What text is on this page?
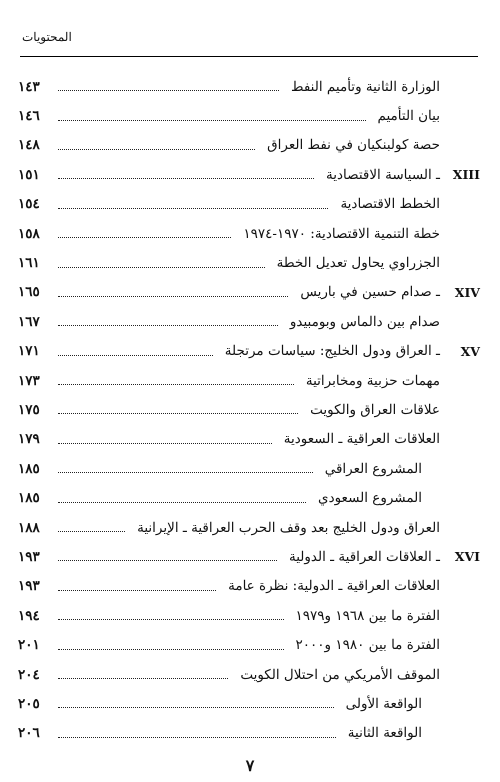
المحتويات
الوزارة الثانية وتأميم النفط
١٤٣
بيان التأميم
١٤٦
حصة كولبنكيان في نفط العراق
١٤٨
XIII
ـ السياسة الاقتصادية
١٥١
الخطط الاقتصادية
١٥٤
خطة التنمية الاقتصادية: ١٩٧٠-١٩٧٤
١٥٨
الجزراوي يحاول تعديل الخطة
١٦١
XIV
ـ صدام حسين في باريس
١٦٥
صدام بين دالماس وبومبيدو
١٦٧
XV
ـ العراق ودول الخليج: سياسات مرتجلة
١٧١
مهمات حزبية ومخابراتية
١٧٣
علاقات العراق والكويت
١٧٥
العلاقات العراقية ـ السعودية
١٧٩
المشروع العراقي
١٨٥
المشروع السعودي
١٨٥
العراق ودول الخليج بعد وقف الحرب العراقية ـ الإيرانية
١٨٨
XVI
ـ العلاقات العراقية ـ الدولية
١٩٣
العلاقات العراقية ـ الدولية: نظرة عامة
١٩٣
الفترة ما بين ١٩٦٨ و١٩٧٩
١٩٤
الفترة ما بين ١٩٨٠ و٢٠٠٠
٢٠١
الموقف الأمريكي من احتلال الكويت
٢٠٤
الواقعة الأولى
٢٠٥
الواقعة الثانية
٢٠٦
٧
